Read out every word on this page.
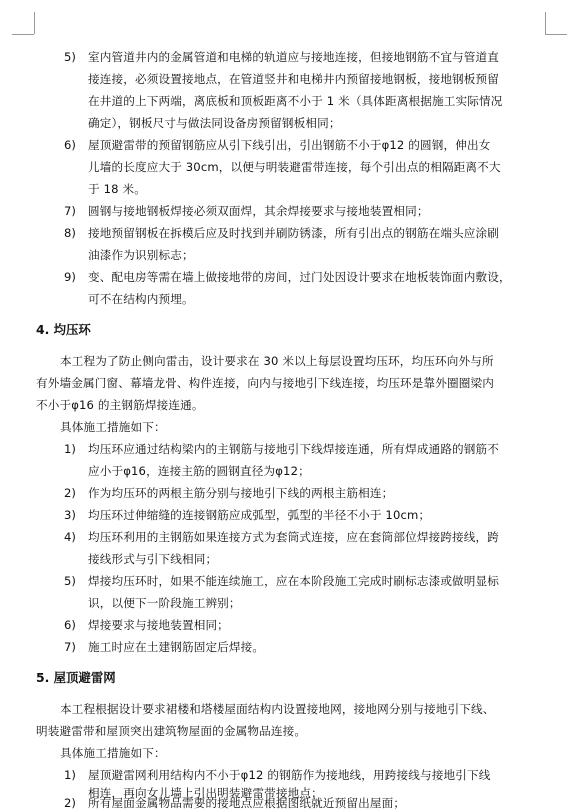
5) 室内管道井内的金属管道和电梯的轨道应与接地连接，但接地钢筋不宜与管道直
接连接，必须设置接地点，在管道竖井和电梯井内预留接地钢板，接地钢板预留
在井道的上下两端，离底板和顶板距离不小于 1 米（具体距离根据施工实际情况
确定），钢板尺寸与做法同设备房预留钢板相同；
6) 屋顶避雷带的预留钢筋应从引下线引出，引出钢筋不小于φ12 的圆钢，伸出女
儿墙的长度应大于 30cm，以便与明装避雷带连接，每个引出点的相隔距离不大
于 18 米。
7) 圆钢与接地钢板焊接必须双面焊，其余焊接要求与接地装置相同；
8) 接地预留钢板在拆模后应及时找到并刷防锈漆，所有引出点的钢筋在端头应涂刷
油漆作为识别标志；
9) 变、配电房等需在墙上做接地带的房间，过门处因设计要求在地板装饰面内敷设，
可不在结构内预埋。
4. 均压环
本工程为了防止侧向雷击，设计要求在 30 米以上每层设置均压环，均压环向外与所
有外墙金属门窗、幕墙龙骨、构件连接，向内与接地引下线连接，均压环是靠外圈圈梁内
不小于φ16 的主钢筋焊接连通。
具体施工措施如下：
1) 均压环应通过结构梁内的主钢筋与接地引下线焊接连通，所有焊成通路的钢筋不
应小于φ16，连接主筋的圆钢直径为φ12；
2) 作为均压环的两根主筋分别与接地引下线的两根主筋相连；
3) 均压环过伸缩缝的连接钢筋应成弧型，弧型的半径不小于 10cm；
4) 均压环利用的主钢筋如果连接方式为套筒式连接，应在套筒部位焊接跨接线，跨
接线形式与引下线相同；
5) 焊接均压环时，如果不能连续施工，应在本阶段施工完成时刷标志漆或做明显标
识，以便下一阶段施工辨别；
6) 焊接要求与接地装置相同；
7) 施工时应在土建钢筋固定后焊接。
5. 屋顶避雷网
本工程根据设计要求裙楼和塔楼屋面结构内设置接地网，接地网分别与接地引下线、
明装避雷带和屋顶突出建筑物屋面的金属物品连接。
具体施工措施如下：
1) 屋顶避雷网利用结构内不小于φ12 的钢筋作为接地线，用跨接线与接地引下线
相连，再向女儿墙上引出明装避雷带接地点；
2) 所有屋面金属物品需要的接地点应根据图纸就近预留出屋面；
